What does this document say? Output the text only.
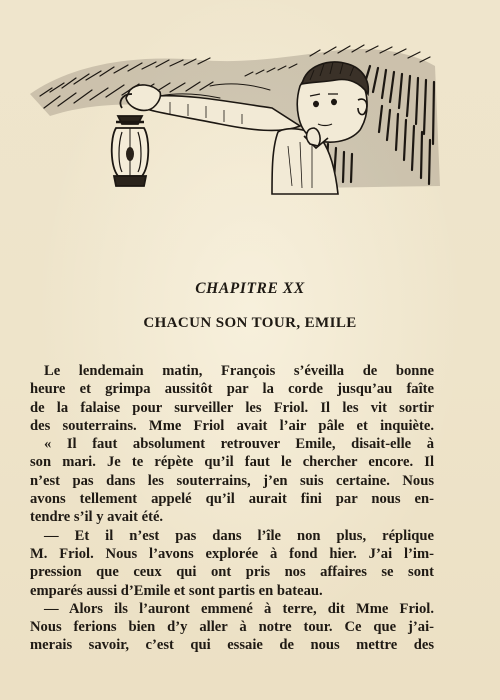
CHAPITRE XX
CHACUN SON TOUR, EMILE
Le lendemain matin, François s’éveilla de bonne
heure et grimpa aussitôt par la corde jusqu’au faîte
de la falaise pour surveiller les Friol. Il les vit sortir
des souterrains. Mme Friol avait l’air pâle et inquiète.
« Il faut absolument retrouver Emile, disait-elle à
son mari. Je te répète qu’il faut le chercher encore. Il
n’est pas dans les souterrains, j’en suis certaine. Nous
avons tellement appelé qu’il aurait fini par nous en-
tendre s’il y avait été.
— Et il n’est pas dans l’île non plus, réplique
M. Friol. Nous l’avons explorée à fond hier. J’ai l’im-
pression que ceux qui ont pris nos affaires se sont
emparés aussi d’Emile et sont partis en bateau.
— Alors ils l’auront emmené à terre, dit Mme Friol.
Nous ferions bien d’y aller à notre tour. Ce que j’ai-
merais savoir, c’est qui essaie de nous mettre des
